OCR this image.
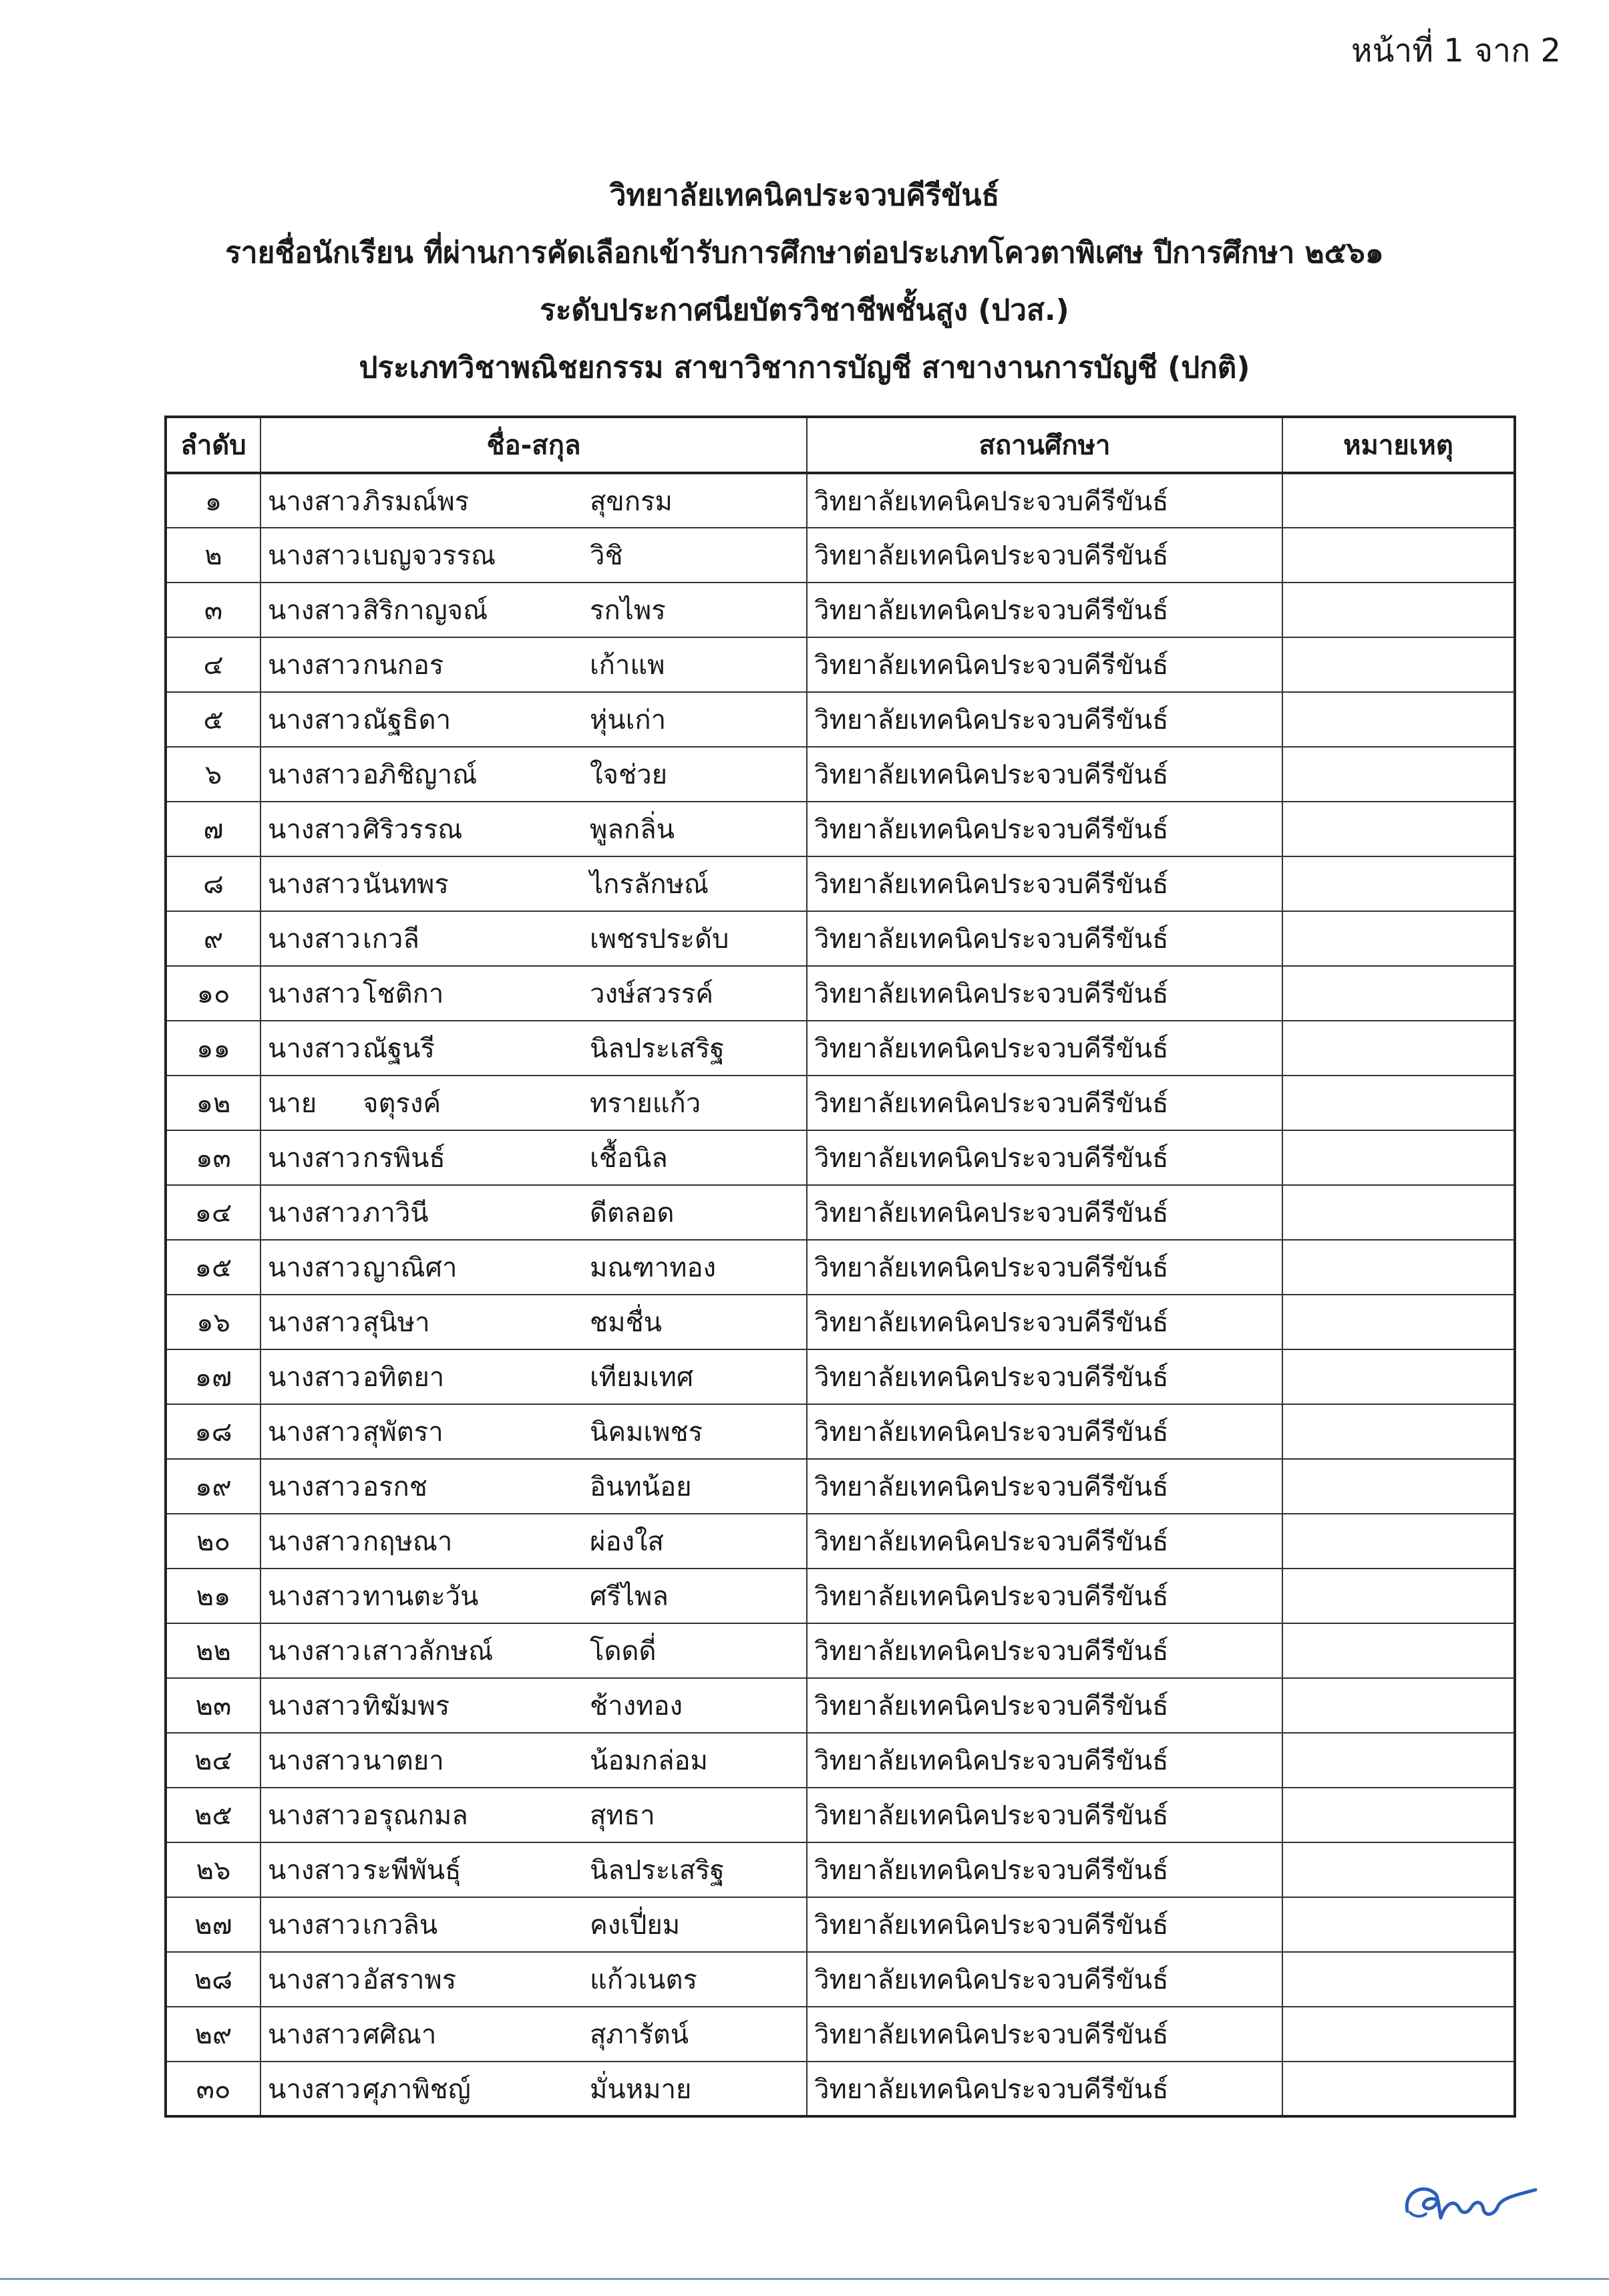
หน้าที่ 1 จาก 2
วิทยาลัยเทคนิคประจวบคีรีขันธ์
รายชื่อนักเรียน ที่ผ่านการคัดเลือกเข้ารับการศึกษาต่อประเภทโควตาพิเศษ ปีการศึกษา ๒๕๖๑
ระดับประกาศนียบัตรวิชาชีพชั้นสูง (ปวส.)
ประเภทวิชาพณิชยกรรม สาขาวิชาการบัญชี สาขางานการบัญชี (ปกติ)
ลำดับ	ชื่อ-สกุล	สถานศึกษา	หมายเหตุ
๑	นางสาวภิรมณ์พร สุขกรม	วิทยาลัยเทคนิคประจวบคีรีขันธ์	
๒	นางสาวเบญจวรรณ วิชิ	วิทยาลัยเทคนิคประจวบคีรีขันธ์	
๓	นางสาวสิริกาญจณ์ รกไพร	วิทยาลัยเทคนิคประจวบคีรีขันธ์	
๔	นางสาวกนกอร เก้าแพ	วิทยาลัยเทคนิคประจวบคีรีขันธ์	
๕	นางสาวณัฐธิดา หุ่นเก่า	วิทยาลัยเทคนิคประจวบคีรีขันธ์	
๖	นางสาวอภิชิญาณ์ ใจช่วย	วิทยาลัยเทคนิคประจวบคีรีขันธ์	
๗	นางสาวศิริวรรณ พูลกลิ่น	วิทยาลัยเทคนิคประจวบคีรีขันธ์	
๘	นางสาวนันทพร ไกรลักษณ์	วิทยาลัยเทคนิคประจวบคีรีขันธ์	
๙	นางสาวเกวลี เพชรประดับ	วิทยาลัยเทคนิคประจวบคีรีขันธ์	
๑๐	นางสาวโชติกา วงษ์สวรรค์	วิทยาลัยเทคนิคประจวบคีรีขันธ์	
๑๑	นางสาวณัฐนรี นิลประเสริฐ	วิทยาลัยเทคนิคประจวบคีรีขันธ์	
๑๒	นาย จตุรงค์ ทรายแก้ว	วิทยาลัยเทคนิคประจวบคีรีขันธ์	
๑๓	นางสาวกรพินธ์ เชื้อนิล	วิทยาลัยเทคนิคประจวบคีรีขันธ์	
๑๔	นางสาวภาวินี ดีตลอด	วิทยาลัยเทคนิคประจวบคีรีขันธ์	
๑๕	นางสาวญาณิศา มณฑาทอง	วิทยาลัยเทคนิคประจวบคีรีขันธ์	
๑๖	นางสาวสุนิษา ชมชื่น	วิทยาลัยเทคนิคประจวบคีรีขันธ์	
๑๗	นางสาวอทิตยา เทียมเทศ	วิทยาลัยเทคนิคประจวบคีรีขันธ์	
๑๘	นางสาวสุพัตรา นิคมเพชร	วิทยาลัยเทคนิคประจวบคีรีขันธ์	
๑๙	นางสาวอรกช อินทน้อย	วิทยาลัยเทคนิคประจวบคีรีขันธ์	
๒๐	นางสาวกฤษณา ผ่องใส	วิทยาลัยเทคนิคประจวบคีรีขันธ์	
๒๑	นางสาวทานตะวัน ศรีไพล	วิทยาลัยเทคนิคประจวบคีรีขันธ์	
๒๒	นางสาวเสาวลักษณ์ โดดดี่	วิทยาลัยเทคนิคประจวบคีรีขันธ์	
๒๓	นางสาวทิฆัมพร ช้างทอง	วิทยาลัยเทคนิคประจวบคีรีขันธ์	
๒๔	นางสาวนาตยา น้อมกล่อม	วิทยาลัยเทคนิคประจวบคีรีขันธ์	
๒๕	นางสาวอรุณกมล สุทธา	วิทยาลัยเทคนิคประจวบคีรีขันธ์	
๒๖	นางสาวระพีพันธุ์ นิลประเสริฐ	วิทยาลัยเทคนิคประจวบคีรีขันธ์	
๒๗	นางสาวเกวลิน คงเปี่ยม	วิทยาลัยเทคนิคประจวบคีรีขันธ์	
๒๘	นางสาวอัสราพร แก้วเนตร	วิทยาลัยเทคนิคประจวบคีรีขันธ์	
๒๙	นางสาวศศิณา สุภารัตน์	วิทยาลัยเทคนิคประจวบคีรีขันธ์	
๓๐	นางสาวศุภาพิชญ์ มั่นหมาย	วิทยาลัยเทคนิคประจวบคีรีขันธ์	
